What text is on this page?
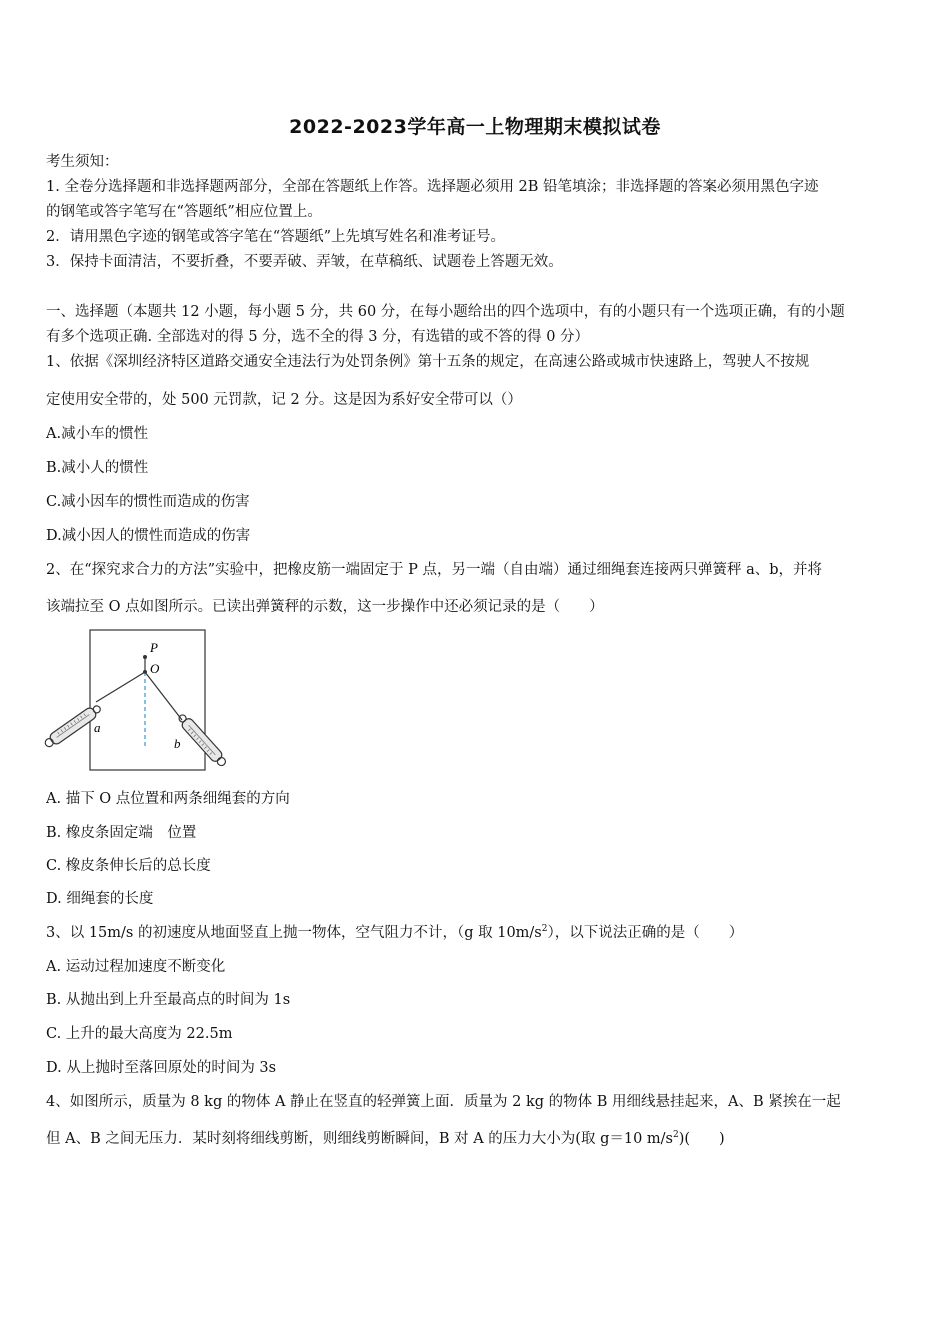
2022-2023学年高一上物理期末模拟试卷
考生须知：
1. 全卷分选择题和非选择题两部分，全部在答题纸上作答。选择题必须用 2B 铅笔填涂；非选择题的答案必须用黑色字迹
的钢笔或答字笔写在“答题纸”相应位置上。
2．请用黑色字迹的钢笔或答字笔在“答题纸”上先填写姓名和准考证号。
3．保持卡面清洁，不要折叠，不要弄破、弄皱，在草稿纸、试题卷上答题无效。
一、选择题（本题共 12 小题，每小题 5 分，共 60 分，在每小题给出的四个选项中，有的小题只有一个选项正确，有的小题
有多个选项正确. 全部选对的得 5 分，选不全的得 3 分，有选错的或不答的得 0 分）
1、依据《深圳经济特区道路交通安全违法行为处罚条例》第十五条的规定，在高速公路或城市快速路上，驾驶人不按规
定使用安全带的，处 500 元罚款，记 2 分。这是因为系好安全带可以（）
A.减小车的惯性
B.减小人的惯性
C.减小因车的惯性而造成的伤害
D.减小因人的惯性而造成的伤害
2、在“探究求合力的方法”实验中，把橡皮筋一端固定于 P 点，另一端（自由端）通过细绳套连接两只弹簧秤 a、b，并将
该端拉至 O 点如图所示。已读出弹簧秤的示数，这一步操作中还必须记录的是（　　）
P
O
a
b
A. 描下 O 点位置和两条细绳套的方向
B. 橡皮条固定端　位置
C. 橡皮条伸长后的总长度
D. 细绳套的长度
3、以 15m/s 的初速度从地面竖直上抛一物体，空气阻力不计，（g 取 $10m/s^2$），以下说法正确的是（　　）
A. 运动过程加速度不断变化
B. 从抛出到上升至最高点的时间为 1s
C. 上升的最大高度为 22.5m
D. 从上抛时至落回原处的时间为 3s
4、如图所示，质量为 8 kg 的物体 A 静止在竖直的轻弹簧上面．质量为 2 kg 的物体 B 用细线悬挂起来，A、B 紧挨在一起
但 A、B 之间无压力．某时刻将细线剪断，则细线剪断瞬间，B 对 A 的压力大小为(取 g＝10 $m/s^2$)(　　)
